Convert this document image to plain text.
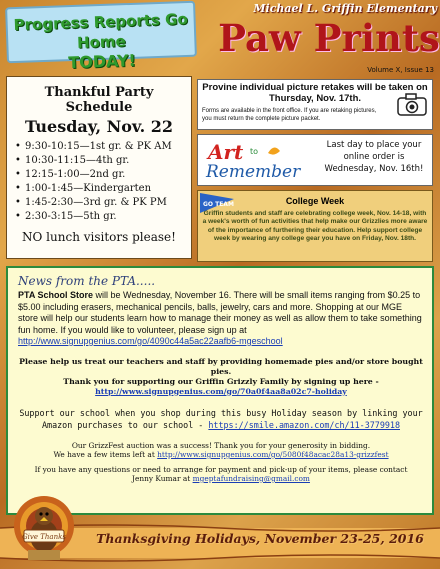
Progress Reports Go Home
TODAY!
Michael L. Griffin Elementary
Paw Prints
Volume X, Issue 13
Thankful Party Schedule
Tuesday, Nov. 22
• 9:30-10:15—1st gr. & PK AM
• 10:30-11:15—4th gr.
• 12:15-1:00—2nd gr.
• 1:00-1:45—Kindergarten
• 1:45-2:30—3rd gr. & PK PM
• 2:30-3:15—5th gr.
NO lunch visitors please!
Provine individual picture retakes will be taken on Thursday, Nov. 17th.
Forms are available in the front office. If you are retaking pictures, you must return the complete picture packet.
Art to
Remember
Last day to place your
online order is
Wednesday, Nov. 16th!
GO TEAM	College Week
Griffin students and staff are celebrating college week, Nov. 14-18, with a week's worth of fun activities that help make our Grizzlies more aware of the importance of furthering their education. Help support college week by wearing any college gear you have on Friday, Nov. 18th.
News from the PTA.....
PTA School Store will be Wednesday, November 16. There will be small items ranging from $0.25 to $5.00 including erasers, mechanical pencils, balls, jewelry, cars and more. Shopping at our MGE store will help our students learn how to manage their money as well as allow them to take something fun home. If you would like to volunteer, please sign up at http://www.signupgenius.com/go/4090c44a5ac22aafb6-mgeschool
Please help us treat our teachers and staff by providing homemade pies and/or store bought pies.
Thank you for supporting our Griffin Grizzly Family by signing up here - http://www.signupgenius.com/go/70a0f4aa8a02c7-holiday
Support our school when you shop during this busy Holiday season by linking your Amazon purchases to our school - https://smile.amazon.com/ch/11-3779918
Our GrizzFest auction was a success! Thank you for your generosity in bidding.
We have a few items left at http://www.signupgenius.com/go/5080f48acac28a13-grizzfest
If you have any questions or need to arrange for payment and pick-up of your items, please contact
Jenny Kumar at mgeptafundraising@gmail.com
Thanksgiving Holidays, November 23-25, 2016
Give Thanks
